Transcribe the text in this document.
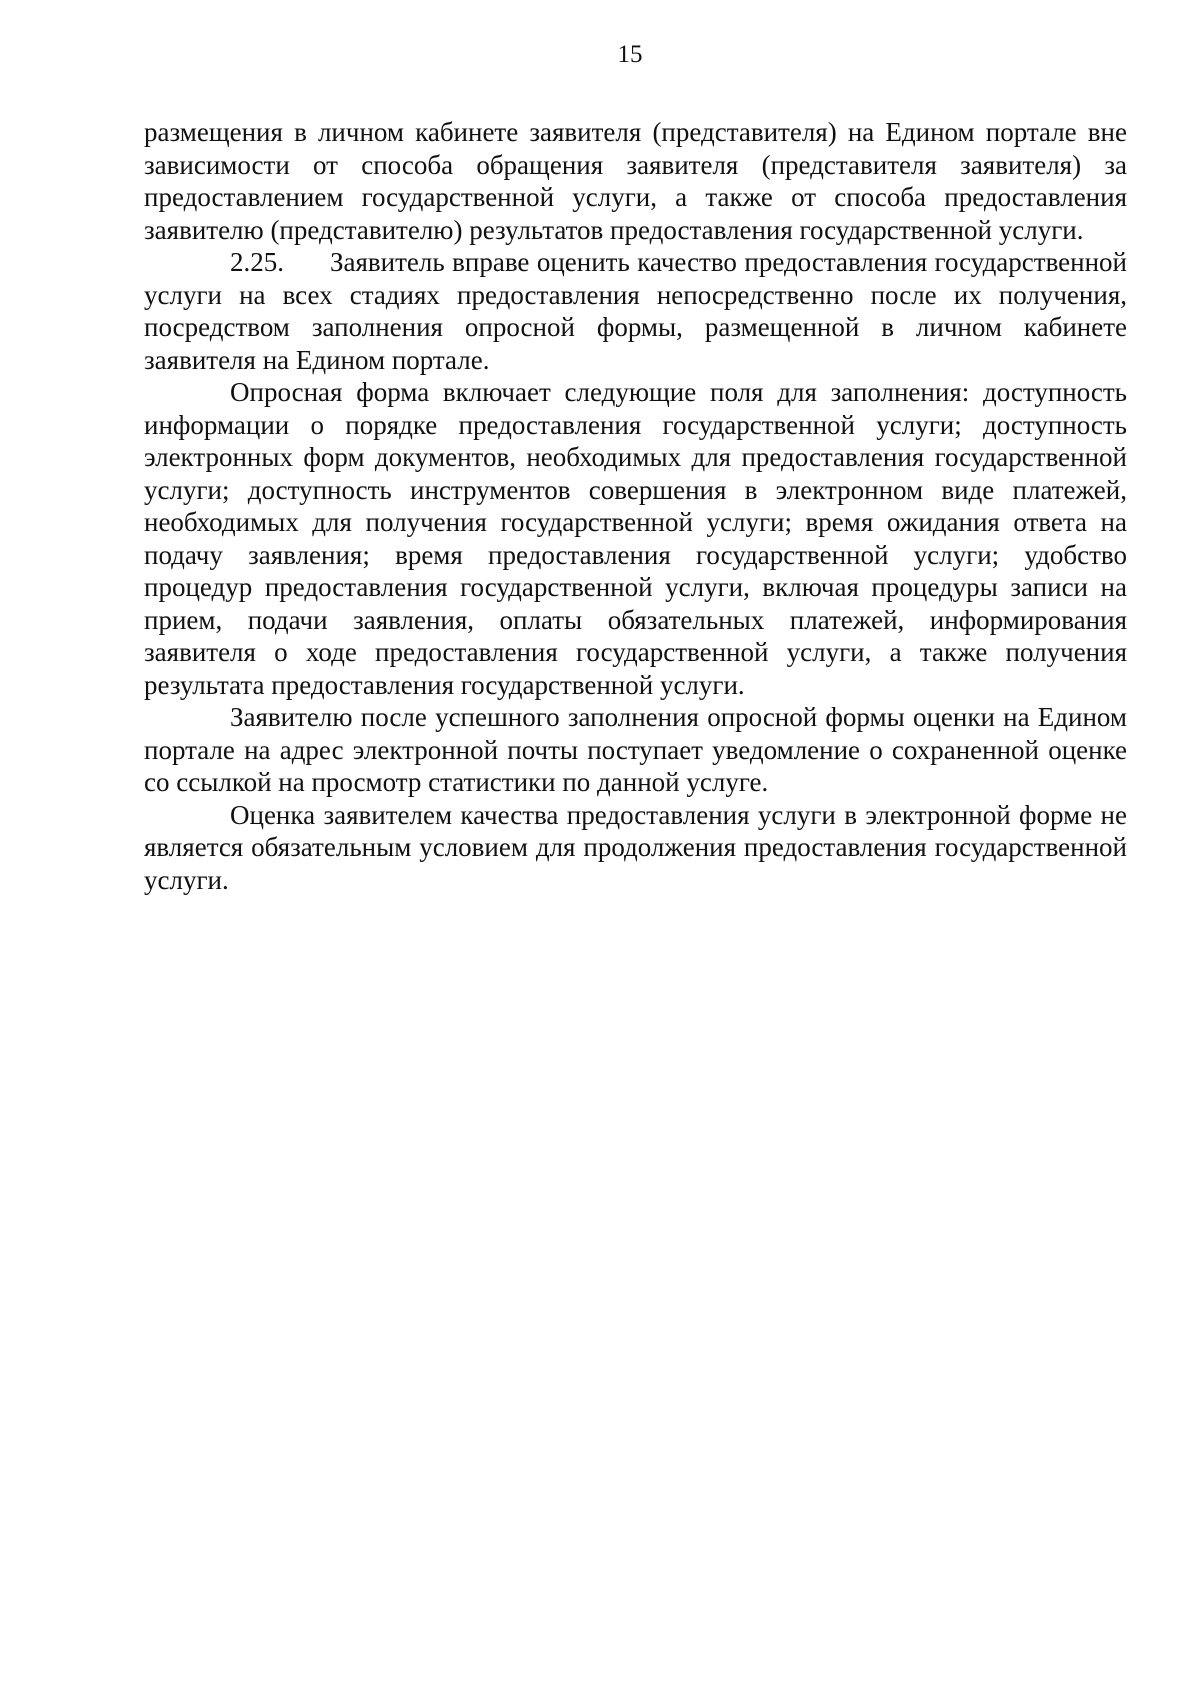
15

размещения в личном кабинете заявителя (представителя) на Едином портале вне зависимости от способа обращения заявителя (представителя заявителя) за предоставлением государственной услуги, а также от способа предоставления заявителю (представителю) результатов предоставления государственной услуги.

2.25. Заявитель вправе оценить качество предоставления государственной услуги на всех стадиях предоставления непосредственно после их получения, посредством заполнения опросной формы, размещенной в личном кабинете заявителя на Едином портале.

Опросная форма включает следующие поля для заполнения: доступность информации о порядке предоставления государственной услуги; доступность электронных форм документов, необходимых для предоставления государственной услуги; доступность инструментов совершения в электронном виде платежей, необходимых для получения государственной услуги; время ожидания ответа на подачу заявления; время предоставления государственной услуги; удобство процедур предоставления государственной услуги, включая процедуры записи на прием, подачи заявления, оплаты обязательных платежей, информирования заявителя о ходе предоставления государственной услуги, а также получения результата предоставления государственной услуги.

Заявителю после успешного заполнения опросной формы оценки на Едином портале на адрес электронной почты поступает уведомление о сохраненной оценке со ссылкой на просмотр статистики по данной услуге.

Оценка заявителем качества предоставления услуги в электронной форме не является обязательным условием для продолжения предоставления государственной услуги.
